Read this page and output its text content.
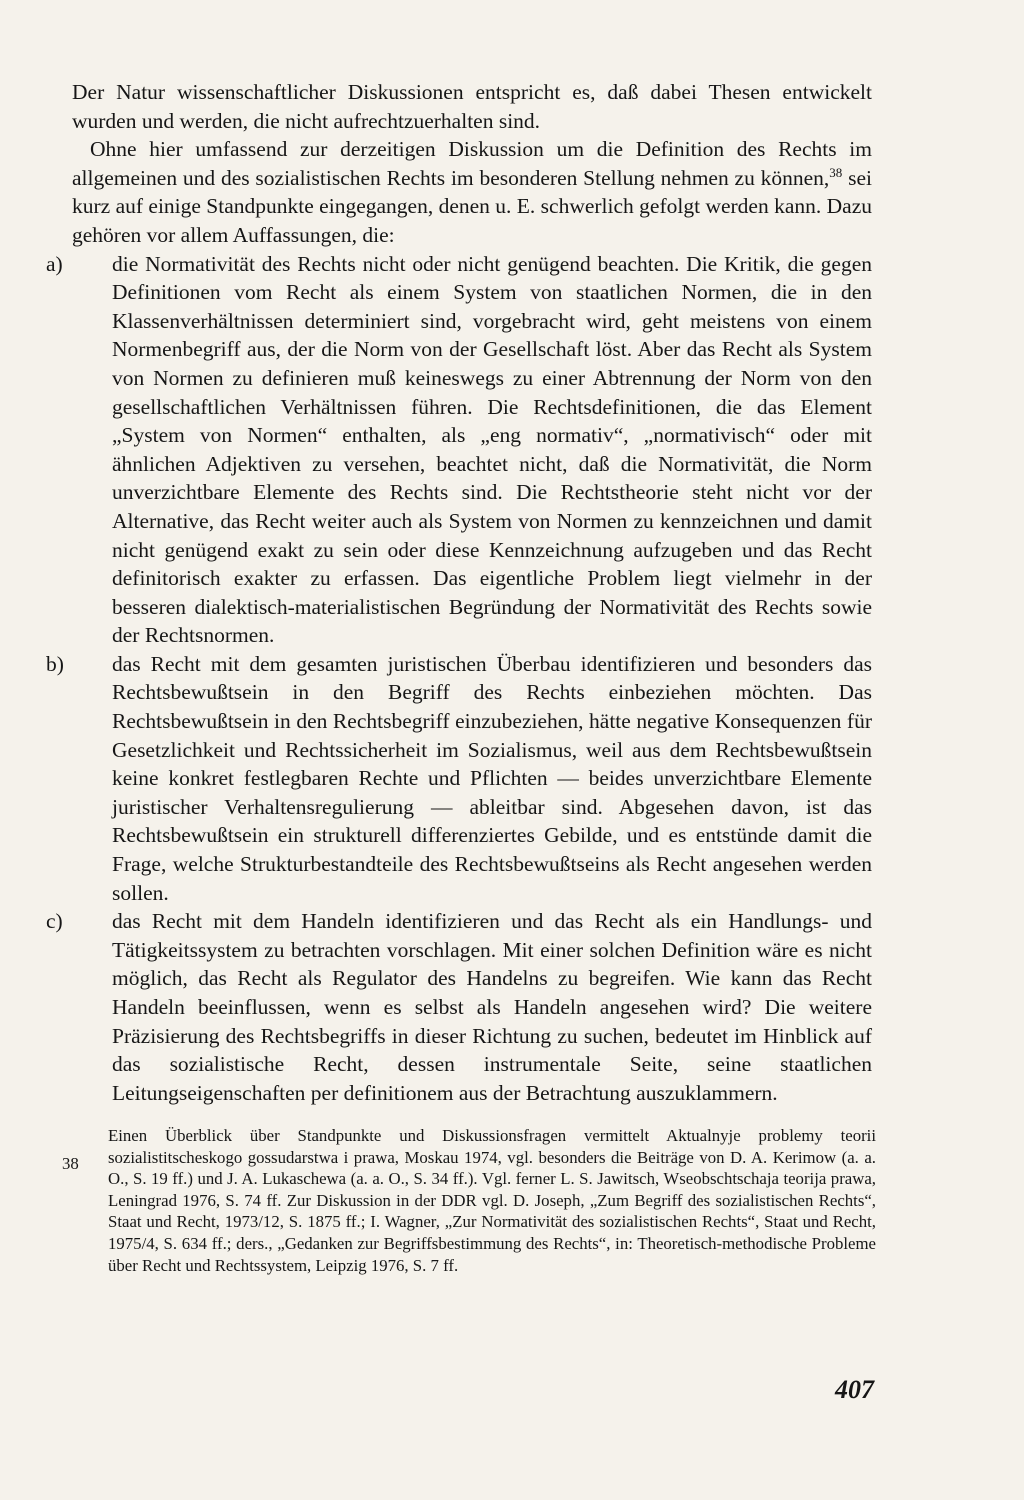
Der Natur wissenschaftlicher Diskussionen entspricht es, daß dabei Thesen entwickelt wurden und werden, die nicht aufrechtzuerhalten sind.

Ohne hier umfassend zur derzeitigen Diskussion um die Definition des Rechts im allgemeinen und des sozialistischen Rechts im besonderen Stellung nehmen zu können,$^{38}$ sei kurz auf einige Standpunkte eingegangen, denen u. E. schwerlich gefolgt werden kann. Dazu gehören vor allem Auffassungen, die:

a)	die Normativität des Rechts nicht oder nicht genügend beachten. Die Kritik, die gegen Definitionen vom Recht als einem System von staatlichen Normen, die in den Klassenverhältnissen determiniert sind, vorgebracht wird, geht meistens von einem Normenbegriff aus, der die Norm von der Gesellschaft löst. Aber das Recht als System von Normen zu definieren muß keineswegs zu einer Abtrennung der Norm von den gesellschaftlichen Verhältnissen führen. Die Rechtsdefinitionen, die das Element „System von Normen“ enthalten, als „eng normativ“, „normativisch“ oder mit ähnlichen Adjektiven zu versehen, beachtet nicht, daß die Normativität, die Norm unverzichtbare Elemente des Rechts sind. Die Rechtstheorie steht nicht vor der Alternative, das Recht weiter auch als System von Normen zu kennzeichnen und damit nicht genügend exakt zu sein oder diese Kennzeichnung aufzugeben und das Recht definitorisch exakter zu erfassen. Das eigentliche Problem liegt vielmehr in der besseren dialektisch-materialistischen Begründung der Normativität des Rechts sowie der Rechtsnormen.
b)	das Recht mit dem gesamten juristischen Überbau identifizieren und besonders das Rechtsbewußtsein in den Begriff des Rechts einbeziehen möchten. Das Rechtsbewußtsein in den Rechtsbegriff einzubeziehen, hätte negative Konsequenzen für Gesetzlichkeit und Rechtssicherheit im Sozialismus, weil aus dem Rechtsbewußtsein keine konkret festlegbaren Rechte und Pflichten — beides unverzichtbare Elemente juristischer Verhaltensregulierung — ableitbar sind. Abgesehen davon, ist das Rechtsbewußtsein ein strukturell differenziertes Gebilde, und es entstünde damit die Frage, welche Strukturbestandteile des Rechtsbewußtseins als Recht angesehen werden sollen.
c)	das Recht mit dem Handeln identifizieren und das Recht als ein Handlungs- und Tätigkeitssystem zu betrachten vorschlagen. Mit einer solchen Definition wäre es nicht möglich, das Recht als Regulator des Handelns zu begreifen. Wie kann das Recht Handeln beeinflussen, wenn es selbst als Handeln angesehen wird? Die weitere Präzisierung des Rechtsbegriffs in dieser Richtung zu suchen, bedeutet im Hinblick auf das sozialistische Recht, dessen instrumentale Seite, seine staatlichen Leitungseigenschaften per definitionem aus der Betrachtung auszuklammern.
38
Einen Überblick über Standpunkte und Diskussionsfragen vermittelt Aktualnyje problemy teorii sozialistitscheskogo gossudarstwa i prawa, Moskau 1974, vgl. besonders die Beiträge von D. A. Kerimow (a. a. O., S. 19 ff.) und J. A. Lukaschewa (a. a. O., S. 34 ff.). Vgl. ferner L. S. Jawitsch, Wseobschtschaja teorija prawa, Leningrad 1976, S. 74 ff. Zur Diskussion in der DDR vgl. D. Joseph, „Zum Begriff des sozialistischen Rechts“, Staat und Recht, 1973/12, S. 1875 ff.; I. Wagner, „Zur Normativität des sozialistischen Rechts“, Staat und Recht, 1975/4, S. 634 ff.; ders., „Gedanken zur Begriffsbestimmung des Rechts“, in: Theoretisch-methodische Probleme über Recht und Rechtssystem, Leipzig 1976, S. 7 ff.
407
